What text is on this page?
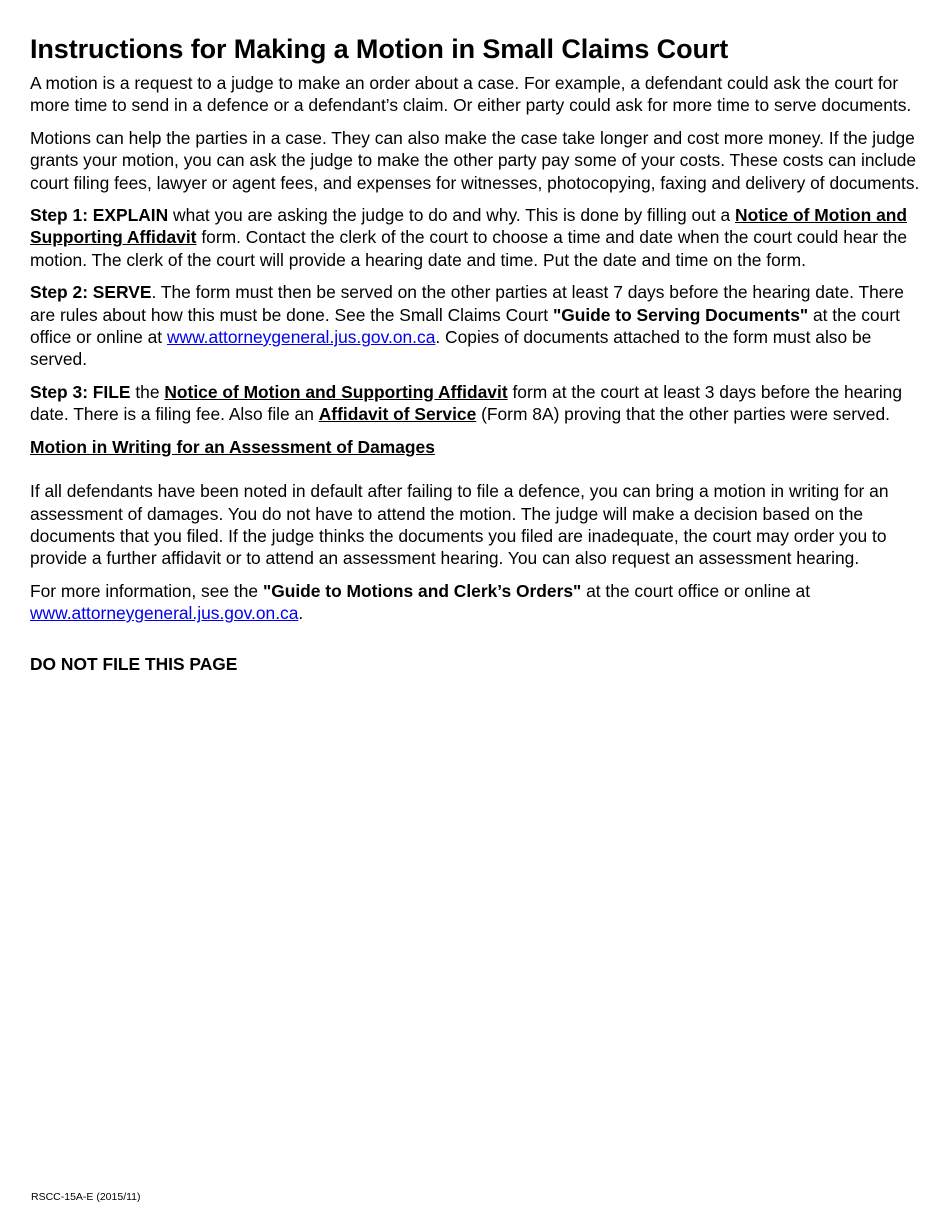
Instructions for Making a Motion in Small Claims Court

A motion is a request to a judge to make an order about a case. For example, a defendant could ask the court for more time to send in a defence or a defendant’s claim. Or either party could ask for more time to serve documents.

Motions can help the parties in a case. They can also make the case take longer and cost more money. If the judge grants your motion, you can ask the judge to make the other party pay some of your costs. These costs can include court filing fees, lawyer or agent fees, and expenses for witnesses, photocopying, faxing and delivery of documents.

Step 1: EXPLAIN what you are asking the judge to do and why. This is done by filling out a Notice of Motion and Supporting Affidavit form. Contact the clerk of the court to choose a time and date when the court could hear the motion. The clerk of the court will provide a hearing date and time. Put the date and time on the form.

Step 2: SERVE. The form must then be served on the other parties at least 7 days before the hearing date. There are rules about how this must be done. See the Small Claims Court "Guide to Serving Documents" at the court office or online at www.attorneygeneral.jus.gov.on.ca. Copies of documents attached to the form must also be served.

Step 3: FILE the Notice of Motion and Supporting Affidavit form at the court at least 3 days before the hearing date. There is a filing fee. Also file an Affidavit of Service (Form 8A) proving that the other parties were served.

Motion in Writing for an Assessment of Damages

If all defendants have been noted in default after failing to file a defence, you can bring a motion in writing for an assessment of damages. You do not have to attend the motion. The judge will make a decision based on the documents that you filed. If the judge thinks the documents you filed are inadequate, the court may order you to provide a further affidavit or to attend an assessment hearing. You can also request an assessment hearing.

For more information, see the "Guide to Motions and Clerk’s Orders" at the court office or online at
www.attorneygeneral.jus.gov.on.ca.

DO NOT FILE THIS PAGE

RSCC-15A-E (2015/11)
